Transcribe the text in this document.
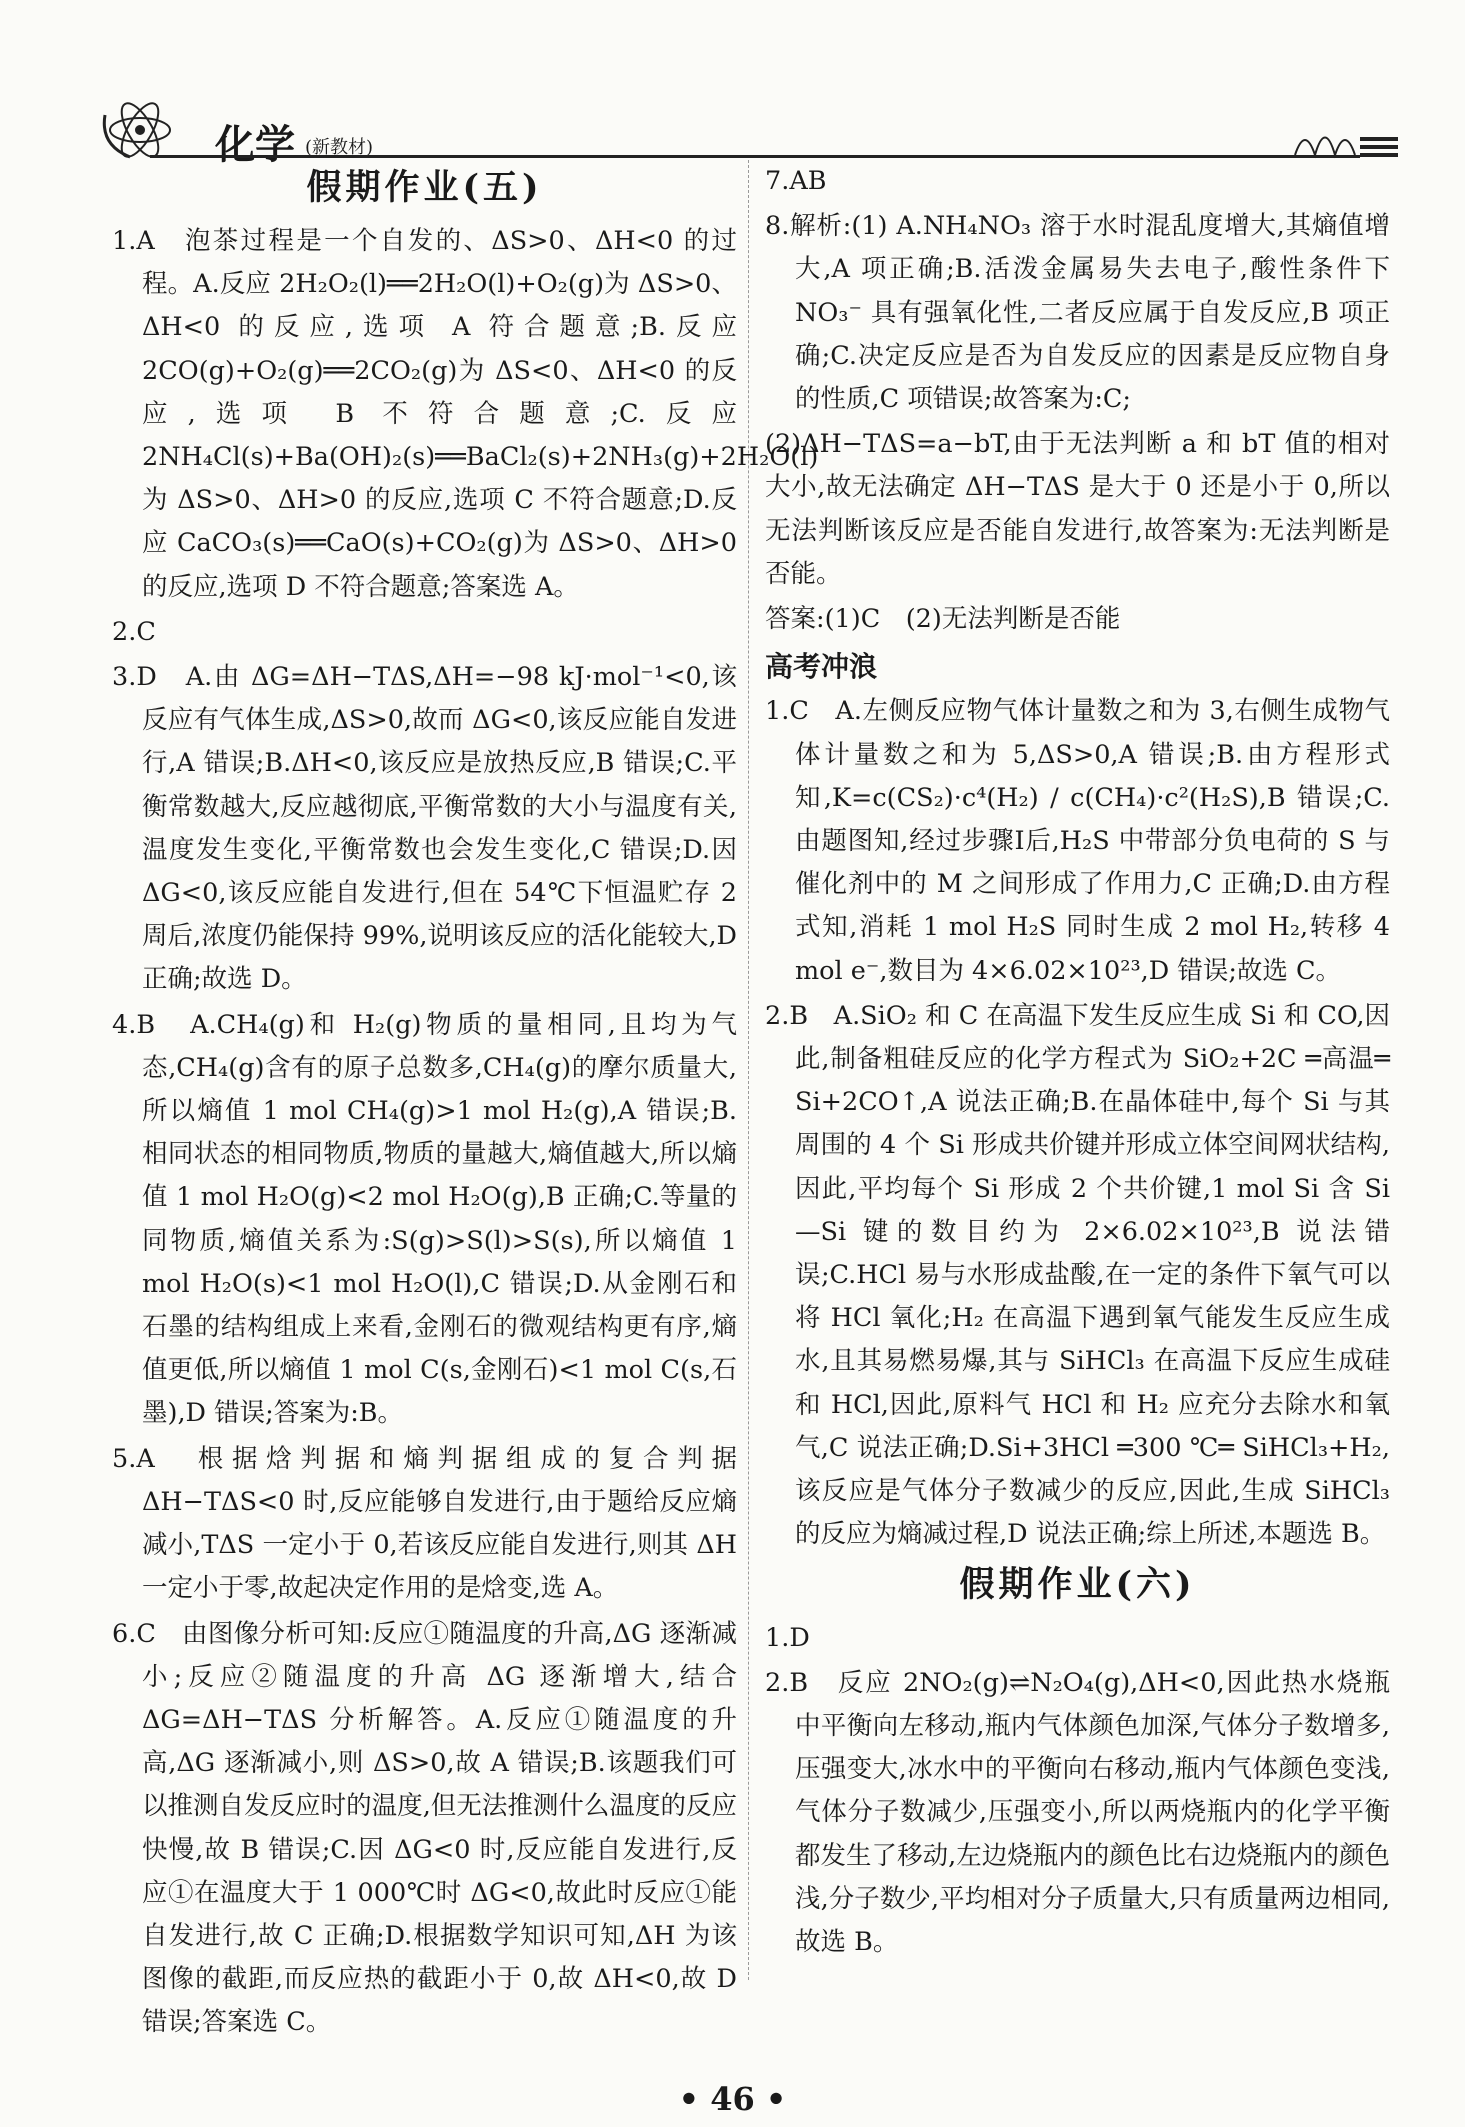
化学 (新教材)
假期作业(五)

1.A　泡茶过程是一个自发的、ΔS>0、ΔH<0 的过程。A.反应 2H₂O₂(l)══2H₂O(l)+O₂(g)为 ΔS>0、ΔH<0 的反应,选项 A 符合题意;B.反应 2CO(g)+O₂(g)══2CO₂(g)为 ΔS<0、ΔH<0 的反应,选项 B 不符合题意;C.反应 2NH₄Cl(s)+Ba(OH)₂(s)══BaCl₂(s)+2NH₃(g)+2H₂O(l)为 ΔS>0、ΔH>0 的反应,选项 C 不符合题意;D.反应 CaCO₃(s)══CaO(s)+CO₂(g)为 ΔS>0、ΔH>0 的反应,选项 D 不符合题意;答案选 A。

2.C

3.D　A.由 ΔG=ΔH−TΔS,ΔH=−98 kJ·mol⁻¹<0,该反应有气体生成,ΔS>0,故而 ΔG<0,该反应能自发进行,A 错误;B.ΔH<0,该反应是放热反应,B 错误;C.平衡常数越大,反应越彻底,平衡常数的大小与温度有关,温度发生变化,平衡常数也会发生变化,C 错误;D.因 ΔG<0,该反应能自发进行,但在 54℃下恒温贮存 2 周后,浓度仍能保持 99%,说明该反应的活化能较大,D 正确;故选 D。

4.B　A.CH₄(g)和 H₂(g)物质的量相同,且均为气态,CH₄(g)含有的原子总数多,CH₄(g)的摩尔质量大,所以熵值 1 mol CH₄(g)>1 mol H₂(g),A 错误;B.相同状态的相同物质,物质的量越大,熵值越大,所以熵值 1 mol H₂O(g)<2 mol H₂O(g),B 正确;C.等量的同物质,熵值关系为:S(g)>S(l)>S(s),所以熵值 1 mol H₂O(s)<1 mol H₂O(l),C 错误;D.从金刚石和石墨的结构组成上来看,金刚石的微观结构更有序,熵值更低,所以熵值 1 mol C(s,金刚石)<1 mol C(s,石墨),D 错误;答案为:B。

5.A　根据焓判据和熵判据组成的复合判据 ΔH−TΔS<0 时,反应能够自发进行,由于题给反应熵减小,TΔS 一定小于 0,若该反应能自发进行,则其 ΔH 一定小于零,故起决定作用的是焓变,选 A。

6.C　由图像分析可知:反应①随温度的升高,ΔG 逐渐减小;反应②随温度的升高 ΔG 逐渐增大,结合 ΔG=ΔH−TΔS 分析解答。A.反应①随温度的升高,ΔG 逐渐减小,则 ΔS>0,故 A 错误;B.该题我们可以推测自发反应时的温度,但无法推测什么温度的反应快慢,故 B 错误;C.因 ΔG<0 时,反应能自发进行,反应①在温度大于 1 000℃时 ΔG<0,故此时反应①能自发进行,故 C 正确;D.根据数学知识可知,ΔH 为该图像的截距,而反应热的截距小于 0,故 ΔH<0,故 D 错误;答案选 C。

7.AB

8.解析:(1) A.NH₄NO₃ 溶于水时混乱度增大,其熵值增大,A 项正确;B.活泼金属易失去电子,酸性条件下 NO₃⁻ 具有强氧化性,二者反应属于自发反应,B 项正确;C.决定反应是否为自发反应的因素是反应物自身的性质,C 项错误;故答案为:C;

(2)ΔH−TΔS=a−bT,由于无法判断 a 和 bT 值的相对大小,故无法确定 ΔH−TΔS 是大于 0 还是小于 0,所以无法判断该反应是否能自发进行,故答案为:无法判断是否能。

答案:(1)C　(2)无法判断是否能

高考冲浪

1.C　A.左侧反应物气体计量数之和为 3,右侧生成物气体计量数之和为 5,ΔS>0,A 错误;B.由方程形式知,K=c(CS₂)·c⁴(H₂) / c(CH₄)·c²(H₂S),B 错误;C.由题图知,经过步骤Ⅰ后,H₂S 中带部分负电荷的 S 与催化剂中的 M 之间形成了作用力,C 正确;D.由方程式知,消耗 1 mol H₂S 同时生成 2 mol H₂,转移 4 mol e⁻,数目为 4×6.02×10²³,D 错误;故选 C。

2.B　A.SiO₂ 和 C 在高温下发生反应生成 Si 和 CO,因此,制备粗硅反应的化学方程式为 SiO₂+2C ═高温═ Si+2CO↑,A 说法正确;B.在晶体硅中,每个 Si 与其周围的 4 个 Si 形成共价键并形成立体空间网状结构,因此,平均每个 Si 形成 2 个共价键,1 mol Si 含 Si—Si 键的数目约为 2×6.02×10²³,B 说法错误;C.HCl 易与水形成盐酸,在一定的条件下氧气可以将 HCl 氧化;H₂ 在高温下遇到氧气能发生反应生成水,且其易燃易爆,其与 SiHCl₃ 在高温下反应生成硅和 HCl,因此,原料气 HCl 和 H₂ 应充分去除水和氧气,C 说法正确;D.Si+3HCl ═300 ℃═ SiHCl₃+H₂,该反应是气体分子数减少的反应,因此,生成 SiHCl₃ 的反应为熵减过程,D 说法正确;综上所述,本题选 B。

假期作业(六)

1.D

2.B　反应 2NO₂(g)⇌N₂O₄(g),ΔH<0,因此热水烧瓶中平衡向左移动,瓶内气体颜色加深,气体分子数增多,压强变大,冰水中的平衡向右移动,瓶内气体颜色变浅,气体分子数减少,压强变小,所以两烧瓶内的化学平衡都发生了移动,左边烧瓶内的颜色比右边烧瓶内的颜色浅,分子数少,平均相对分子质量大,只有质量两边相同,故选 B。

• 46 •
